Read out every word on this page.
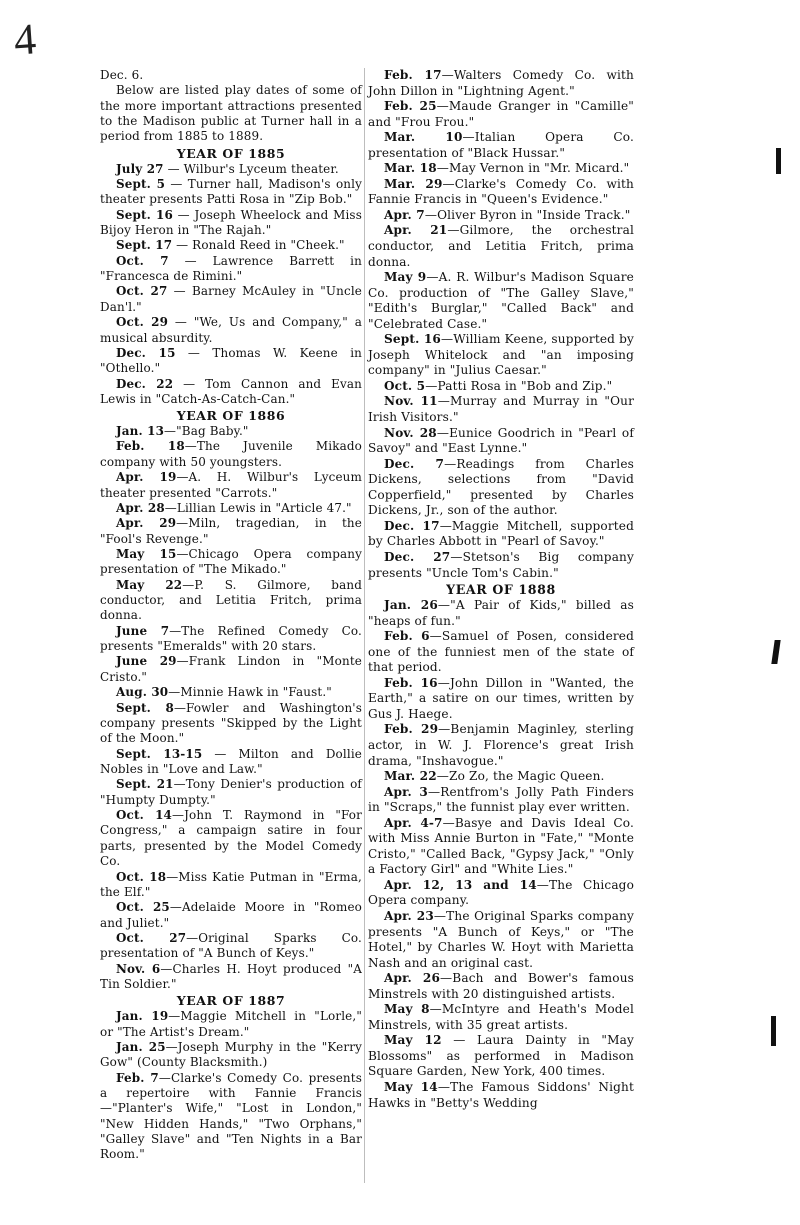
4

Dec. 6.

Below are listed play dates of some of the more important attractions presented to the Madison public at Turner hall in a period from 1885 to 1889.

YEAR OF 1885

July 27 — Wilbur's Lyceum theater.

Sept. 5 — Turner hall, Madison's only theater presents Patti Rosa in "Zip Bob."

Sept. 16 — Joseph Wheelock and Miss Bijoy Heron in "The Rajah."

Sept. 17 — Ronald Reed in "Cheek."

Oct. 7 — Lawrence Barrett in "Francesca de Rimini."

Oct. 27 — Barney McAuley in "Uncle Dan'l."

Oct. 29 — "We, Us and Company," a musical absurdity.

Dec. 15 — Thomas W. Keene in "Othello."

Dec. 22 — Tom Cannon and Evan Lewis in "Catch-As-Catch-Can."

YEAR OF 1886

Jan. 13—"Bag Baby."

Feb. 18—The Juvenile Mikado company with 50 youngsters.

Apr. 19—A. H. Wilbur's Lyceum theater presented "Carrots."

Apr. 28—Lillian Lewis in "Article 47."

Apr. 29—Miln, tragedian, in the "Fool's Revenge."

May 15—Chicago Opera company presentation of "The Mikado."

May 22—P. S. Gilmore, band conductor, and Letitia Fritch, prima donna.

June 7—The Refined Comedy Co. presents "Emeralds" with 20 stars.

June 29—Frank Lindon in "Monte Cristo."

Aug. 30—Minnie Hawk in "Faust."

Sept. 8—Fowler and Washington's company presents "Skipped by the Light of the Moon."

Sept. 13-15 — Milton and Dollie Nobles in "Love and Law."

Sept. 21—Tony Denier's production of "Humpty Dumpty."

Oct. 14—John T. Raymond in "For Congress," a campaign satire in four parts, presented by the Model Comedy Co.

Oct. 18—Miss Katie Putman in "Erma, the Elf."

Oct. 25—Adelaide Moore in "Romeo and Juliet."

Oct. 27—Original Sparks Co. presentation of "A Bunch of Keys."

Nov. 6—Charles H. Hoyt produced "A Tin Soldier."

YEAR OF 1887

Jan. 19—Maggie Mitchell in "Lorle," or "The Artist's Dream."

Jan. 25—Joseph Murphy in the "Kerry Gow" (County Blacksmith.)

Feb. 7—Clarke's Comedy Co. presents a repertoire with Fannie Francis—"Planter's Wife," "Lost in London," "New Hidden Hands," "Two Orphans," "Galley Slave" and "Ten Nights in a Bar Room."

Feb. 17—Walters Comedy Co. with John Dillon in "Lightning Agent."

Feb. 25—Maude Granger in "Camille" and "Frou Frou."

Mar. 10—Italian Opera Co. presentation of "Black Hussar."

Mar. 18—May Vernon in "Mr. Micard."

Mar. 29—Clarke's Comedy Co. with Fannie Francis in "Queen's Evidence."

Apr. 7—Oliver Byron in "Inside Track."

Apr. 21—Gilmore, the orchestral conductor, and Letitia Fritch, prima donna.

May 9—A. R. Wilbur's Madison Square Co. production of "The Galley Slave," "Edith's Burglar," "Called Back" and "Celebrated Case."

Sept. 16—William Keene, supported by Joseph Whitelock and "an imposing company" in "Julius Caesar."

Oct. 5—Patti Rosa in "Bob and Zip."

Nov. 11—Murray and Murray in "Our Irish Visitors."

Nov. 28—Eunice Goodrich in "Pearl of Savoy" and "East Lynne."

Dec. 7—Readings from Charles Dickens, selections from "David Copperfield," presented by Charles Dickens, Jr., son of the author.

Dec. 17—Maggie Mitchell, supported by Charles Abbott in "Pearl of Savoy."

Dec. 27—Stetson's Big company presents "Uncle Tom's Cabin."

YEAR OF 1888

Jan. 26—"A Pair of Kids," billed as "heaps of fun."

Feb. 6—Samuel of Posen, considered one of the funniest men of the state of that period.

Feb. 16—John Dillon in "Wanted, the Earth," a satire on our times, written by Gus J. Haege.

Feb. 29—Benjamin Maginley, sterling actor, in W. J. Florence's great Irish drama, "Inshavogue."

Mar. 22—Zo Zo, the Magic Queen.

Apr. 3—Rentfrom's Jolly Path Finders in "Scraps," the funnist play ever written.

Apr. 4-7—Basye and Davis Ideal Co. with Miss Annie Burton in "Fate," "Monte Cristo," "Called Back, "Gypsy Jack," "Only a Factory Girl" and "White Lies."

Apr. 12, 13 and 14—The Chicago Opera company.

Apr. 23—The Original Sparks company presents "A Bunch of Keys," or "The Hotel," by Charles W. Hoyt with Marietta Nash and an original cast.

Apr. 26—Bach and Bower's famous Minstrels with 20 distinguished artists.

May 8—McIntyre and Heath's Model Minstrels, with 35 great artists.

May 12 — Laura Dainty in "May Blossoms" as performed in Madison Square Garden, New York, 400 times.

May 14—The Famous Siddons' Night Hawks in "Betty's Wedding
